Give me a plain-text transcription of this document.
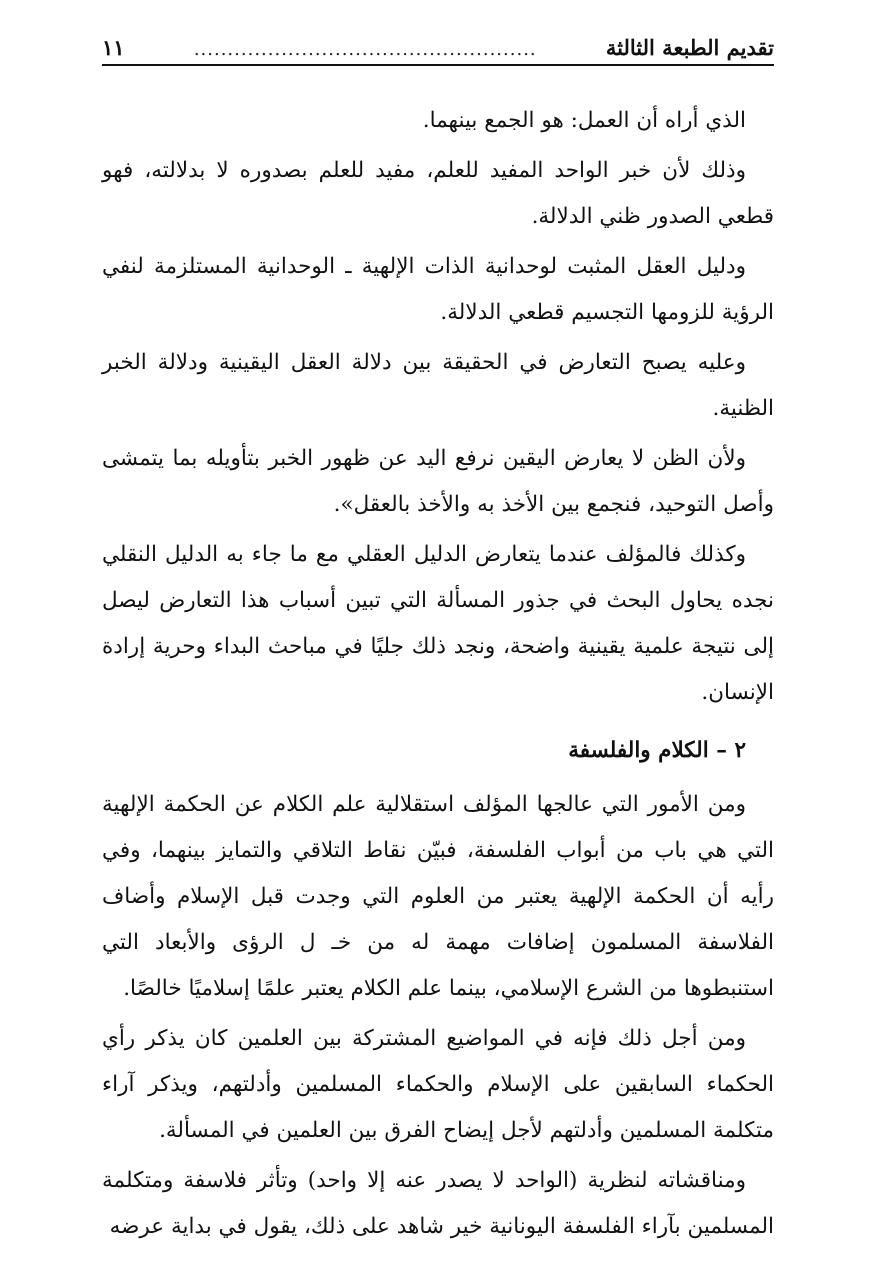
تقديم الطبعة الثالثة
...................................................
١١

الذي أراه أن العمل: هو الجمع بينهما.

وذلك لأن خبر الواحد المفيد للعلم، مفيد للعلم بصدوره لا بدلالته، فهو قطعي الصدور ظني الدلالة.

ودليل العقل المثبت لوحدانية الذات الإلهية ـ الوحدانية المستلزمة لنفي الرؤية للزومها التجسيم قطعي الدلالة.

وعليه يصبح التعارض في الحقيقة بين دلالة العقل اليقينية ودلالة الخبر الظنية.

ولأن الظن لا يعارض اليقين نرفع اليد عن ظهور الخبر بتأويله بما يتمشى وأصل التوحيد، فنجمع بين الأخذ به والأخذ بالعقل».

وكذلك فالمؤلف عندما يتعارض الدليل العقلي مع ما جاء به الدليل النقلي نجده يحاول البحث في جذور المسألة التي تبين أسباب هذا التعارض ليصل إلى نتيجة علمية يقينية واضحة، ونجد ذلك جليًا في مباحث البداء وحرية إرادة الإنسان.

٢ – الكلام والفلسفة

ومن الأمور التي عالجها المؤلف استقلالية علم الكلام عن الحكمة الإلهية التي هي باب من أبواب الفلسفة، فبيّن نقاط التلاقي والتمايز بينهما، وفي رأيه أن الحكمة الإلهية يعتبر من العلوم التي وجدت قبل الإسلام وأضاف الفلاسفة المسلمون إضافات مهمة له من خـ ل الرؤى والأبعاد التي استنبطوها من الشرع الإسلامي، بينما علم الكلام يعتبر علمًا إسلاميًا خالصًا.

ومن أجل ذلك فإنه في المواضيع المشتركة بين العلمين كان يذكر رأي الحكماء السابقين على الإسلام والحكماء المسلمين وأدلتهم، ويذكر آراء متكلمة المسلمين وأدلتهم لأجل إيضاح الفرق بين العلمين في المسألة.

ومناقشاته لنظرية (الواحد لا يصدر عنه إلا واحد) وتأثر فلاسفة ومتكلمة المسلمين بآراء الفلسفة اليونانية خير شاهد على ذلك، يقول في بداية عرضه
